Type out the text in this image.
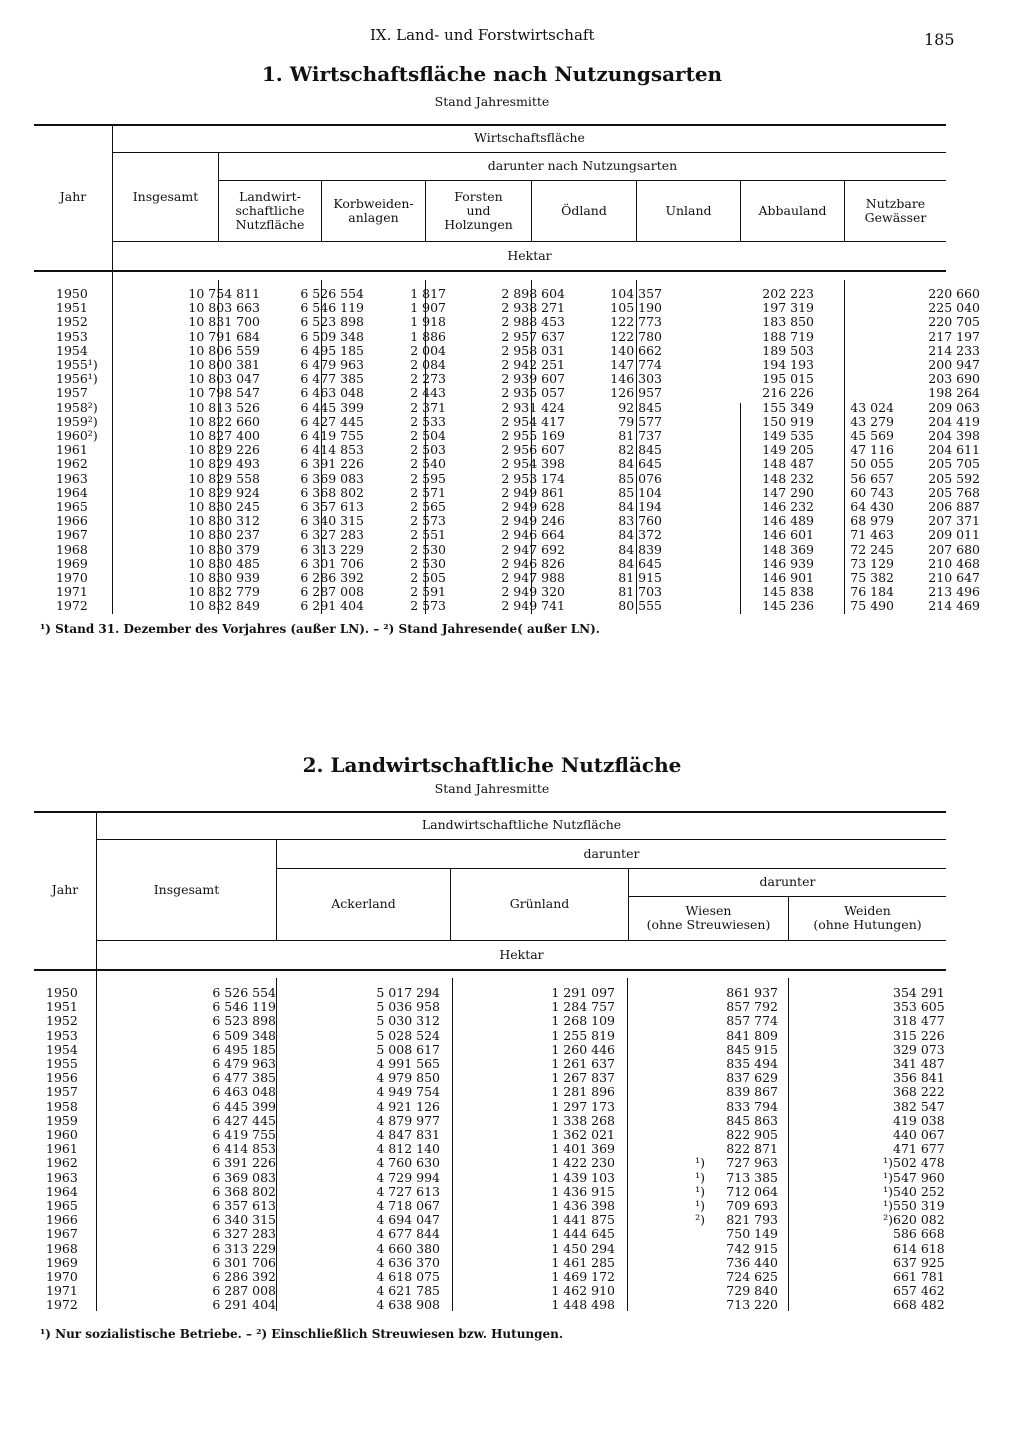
IX. Land- und Forstwirtschaft	185
1. Wirtschaftsfläche nach Nutzungsarten
Stand Jahresmitte
Jahr
Wirtschaftsfläche
Insgesamt
darunter nach Nutzungsarten
Landwirt-
schaftliche
Nutzfläche
Korbweiden-
anlagen
Forsten
und
Holzungen
Ödland	Unland	Abbauland	Nutzbare
Gewässer
Hektar
1950	10 754 811	6 526 554	1 817	2 898 604	104 357	202 223		220 660
1951	10 803 663	6 546 119	1 907	2 938 271	105 190	197 319		225 040
1952	10 831 700	6 523 898	1 918	2 988 453	122 773	183 850		220 705
1953	10 791 684	6 509 348	1 886	2 957 637	122 780	188 719		217 197
1954	10 806 559	6 495 185	2 004	2 958 031	140 662	189 503		214 233
1955¹)	10 800 381	6 479 963	2 084	2 942 251	147 774	194 193		200 947
1956¹)	10 803 047	6 477 385	2 273	2 939 607	146 303	195 015		203 690
1957	10 798 547	6 463 048	2 443	2 935 057	126 957	216 226		198 264
1958²)	10 813 526	6 445 399	2 371	2 931 424	92 845	155 349	43 024	209 063
1959²)	10 822 660	6 427 445	2 533	2 954 417	79 577	150 919	43 279	204 419
1960²)	10 827 400	6 419 755	2 504	2 955 169	81 737	149 535	45 569	204 398
1961	10 829 226	6 414 853	2 503	2 956 607	82 845	149 205	47 116	204 611
1962	10 829 493	6 391 226	2 540	2 954 398	84 645	148 487	50 055	205 705
1963	10 829 558	6 369 083	2 595	2 953 174	85 076	148 232	56 657	205 592
1964	10 829 924	6 368 802	2 571	2 949 861	85 104	147 290	60 743	205 768
1965	10 830 245	6 357 613	2 565	2 949 628	84 194	146 232	64 430	206 887
1966	10 830 312	6 340 315	2 573	2 949 246	83 760	146 489	68 979	207 371
1967	10 830 237	6 327 283	2 551	2 946 664	84 372	146 601	71 463	209 011
1968	10 830 379	6 313 229	2 530	2 947 692	84 839	148 369	72 245	207 680
1969	10 830 485	6 301 706	2 530	2 946 826	84 645	146 939	73 129	210 468
1970	10 830 939	6 286 392	2 505	2 947 988	81 915	146 901	75 382	210 647
1971	10 832 779	6 287 008	2 591	2 949 320	81 703	145 838	76 184	213 496
1972	10 832 849	6 291 404	2 573	2 949 741	80 555	145 236	75 490	214 469
¹) Stand 31. Dezember des Vorjahres (außer LN). – ²) Stand Jahresende( außer LN).
2. Landwirtschaftliche Nutzfläche
Stand Jahresmitte
Jahr
Landwirtschaftliche Nutzfläche
Insgesamt
darunter
Ackerland	Grünland
darunter
Wiesen
(ohne Streuwiesen)
Weiden
(ohne Hutungen)
Hektar
1950	6 526 554	5 017 294	1 291 097		861 937		354 291
1951	6 546 119	5 036 958	1 284 757		857 792		353 605
1952	6 523 898	5 030 312	1 268 109		857 774		318 477
1953	6 509 348	5 028 524	1 255 819		841 809		315 226
1954	6 495 185	5 008 617	1 260 446		845 915		329 073
1955	6 479 963	4 991 565	1 261 637		835 494		341 487
1956	6 477 385	4 979 850	1 267 837		837 629		356 841
1957	6 463 048	4 949 754	1 281 896		839 867		368 222
1958	6 445 399	4 921 126	1 297 173		833 794		382 547
1959	6 427 445	4 879 977	1 338 268		845 863		419 038
1960	6 419 755	4 847 831	1 362 021		822 905		440 067
1961	6 414 853	4 812 140	1 401 369		822 871		471 677
1962	6 391 226	4 760 630	1 422 230	¹)	727 963	¹)	502 478
1963	6 369 083	4 729 994	1 439 103	¹)	713 385	¹)	547 960
1964	6 368 802	4 727 613	1 436 915	¹)	712 064	¹)	540 252
1965	6 357 613	4 718 067	1 436 398	¹)	709 693	¹)	550 319
1966	6 340 315	4 694 047	1 441 875	²)	821 793	²)	620 082
1967	6 327 283	4 677 844	1 444 645		750 149		586 668
1968	6 313 229	4 660 380	1 450 294		742 915		614 618
1969	6 301 706	4 636 370	1 461 285		736 440		637 925
1970	6 286 392	4 618 075	1 469 172		724 625		661 781
1971	6 287 008	4 621 785	1 462 910		729 840		657 462
1972	6 291 404	4 638 908	1 448 498		713 220		668 482
¹) Nur sozialistische Betriebe. – ²) Einschließlich Streuwiesen bzw. Hutungen.
